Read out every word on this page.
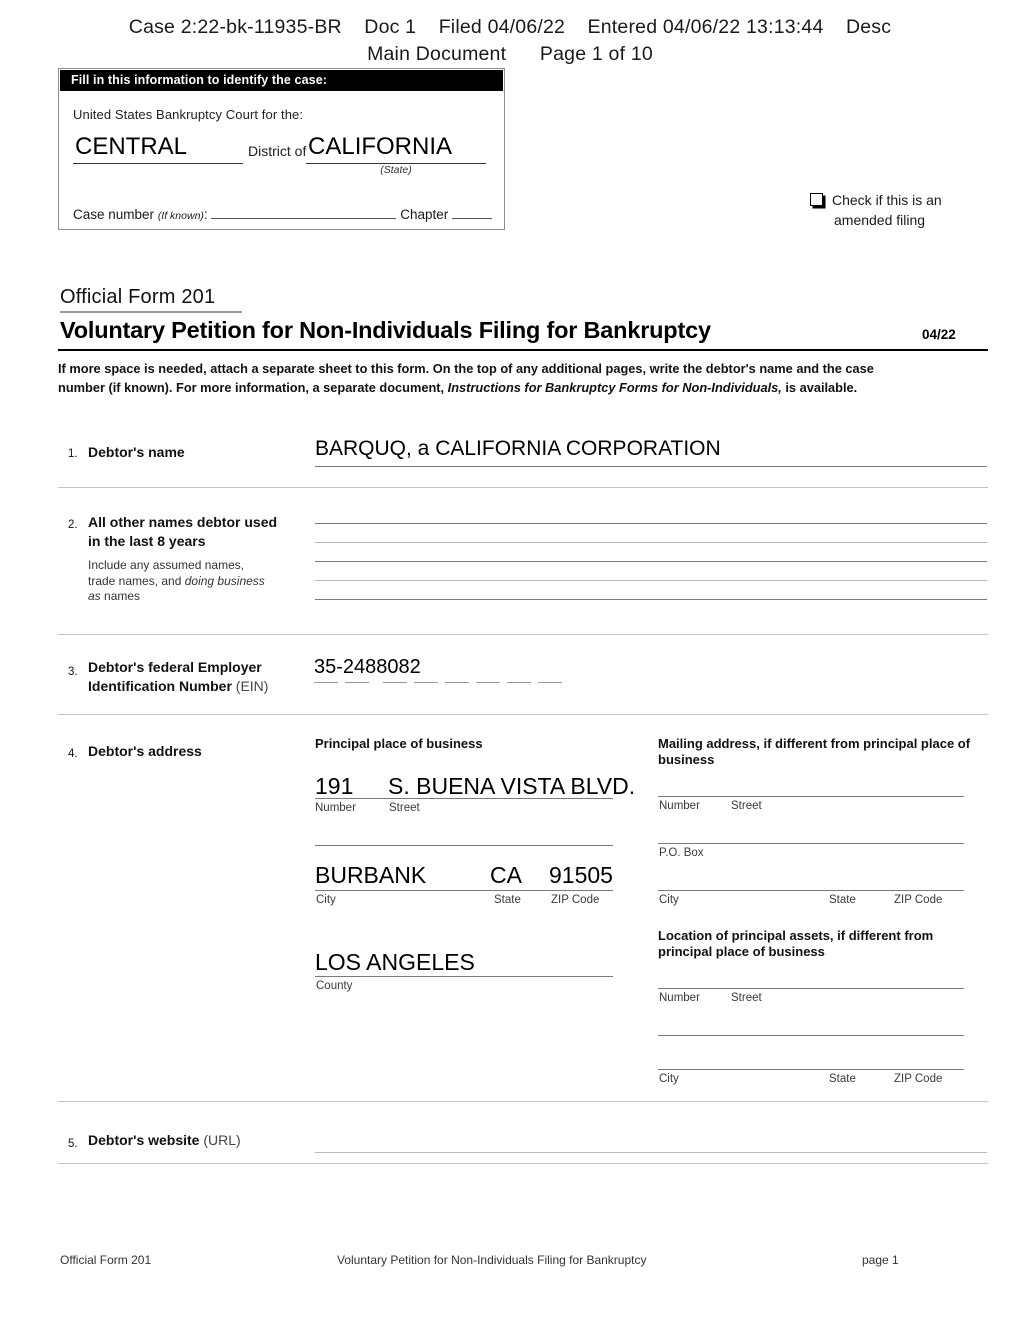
Case 2:22-bk-11935-BR    Doc 1    Filed 04/06/22    Entered 04/06/22 13:13:44    Desc
Main Document      Page 1 of 10
Fill in this information to identify the case:
United States Bankruptcy Court for the:
CENTRAL	District of CALIFORNIA
(State)
Case number (If known):	Chapter
Check if this is an
amended filing
Official Form 201
Voluntary Petition for Non-Individuals Filing for Bankruptcy	04/22
If more space is needed, attach a separate sheet to this form. On the top of any additional pages, write the debtor's name and the case number (if known). For more information, a separate document, Instructions for Bankruptcy Forms for Non-Individuals, is available.
1. Debtor's name	BARQUQ, a CALIFORNIA CORPORATION
2. All other names debtor used
in the last 8 years
Include any assumed names,
trade names, and doing business
as names
3. Debtor's federal Employer
Identification Number (EIN)
35-2488082
4. Debtor's address	Principal place of business
191 S. BUENA VISTA BLVD.
Number	Street
BURBANK	CA 91505
City	State	ZIP Code
LOS ANGELES
County
Mailing address, if different from principal place of business
Number	Street
P.O. Box
City	State	ZIP Code
Location of principal assets, if different from principal place of business
Number	Street
City	State	ZIP Code
5. Debtor's website (URL)
Official Form 201	Voluntary Petition for Non-Individuals Filing for Bankruptcy	page 1
